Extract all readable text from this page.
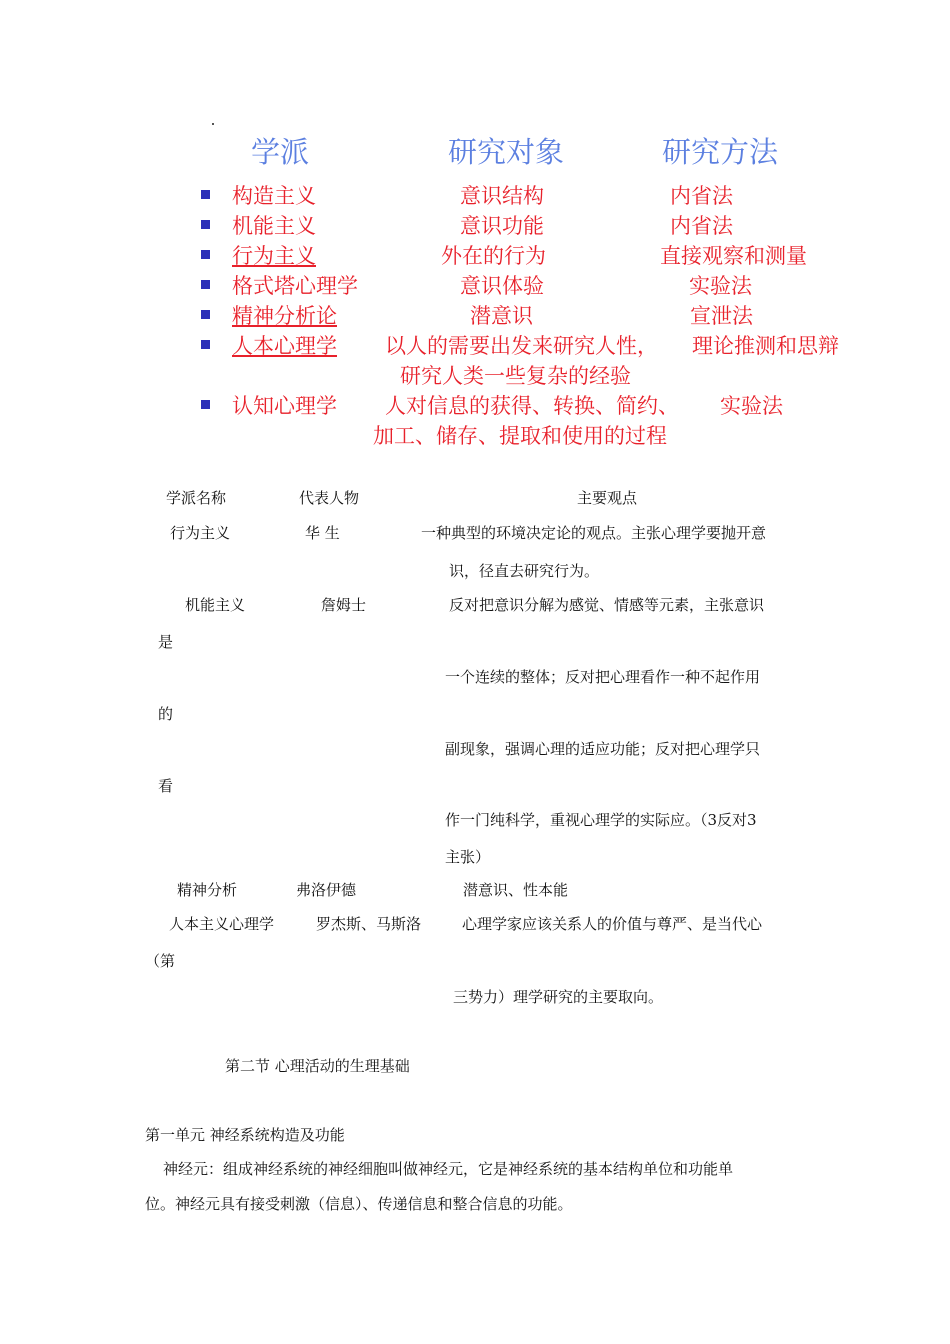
学派	研究对象	研究方法
构造主义	意识结构	内省法
机能主义	意识功能	内省法
行为主义	外在的行为	直接观察和测量
格式塔心理学	意识体验	实验法
精神分析论	潜意识	宣泄法
人本心理学 以人的需要出发来研究人性， 理论推测和思辩
研究人类一些复杂的经验
认知心理学 人对信息的获得、转换、简约、 实验法
加工、储存、提取和使用的过程
学派名称	代表人物	主要观点
行为主义	华 生	一种典型的环境决定论的观点。主张心理学要抛开意
识，径直去研究行为。
机能主义	詹姆士	反对把意识分解为感觉、情感等元素，主张意识
是
一个连续的整体；反对把心理看作一种不起作用
的
副现象，强调心理的适应功能；反对把心理学只
看
作一门纯科学，重视心理学的实际应。（3反对3
主张）
精神分析	弗洛伊德	潜意识、性本能
人本主义心理学	罗杰斯、马斯洛	心理学家应该关系人的价值与尊严、是当代心
（第
三势力）理学研究的主要取向。
第二节 心理活动的生理基础
第一单元 神经系统构造及功能
神经元：组成神经系统的神经细胞叫做神经元，它是神经系统的基本结构单位和功能单
位。神经元具有接受刺激（信息）、传递信息和整合信息的功能。
